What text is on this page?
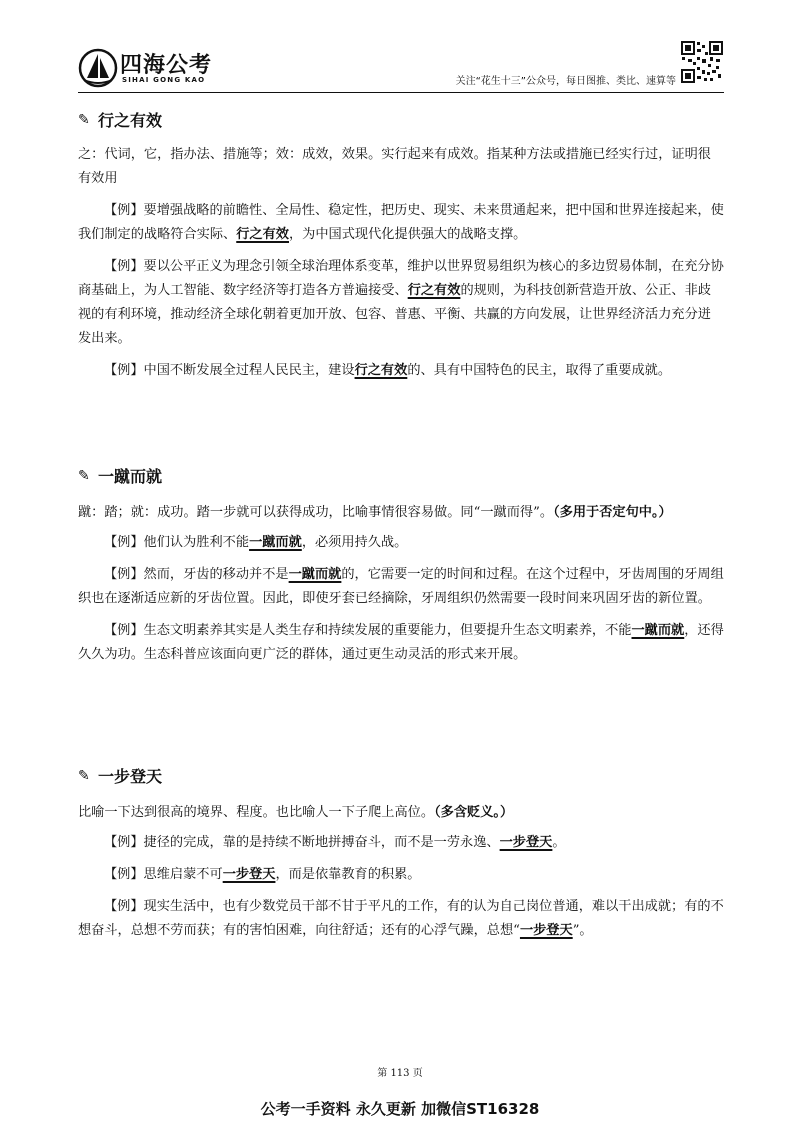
四海公考
SIHAI GONG KAO	关注“花生十三”公众号，每日图推、类比、速算等
✎ 行之有效

之：代词，它，指办法、措施等；效：成效，效果。实行起来有成效。指某种方法或措施已经实行过，证明很有效用

【例】要增强战略的前瞻性、全局性、稳定性，把历史、现实、未来贯通起来，把中国和世界连接起来，使我们制定的战略符合实际、行之有效，为中国式现代化提供强大的战略支撑。

【例】要以公平正义为理念引领全球治理体系变革，维护以世界贸易组织为核心的多边贸易体制，在充分协商基础上，为人工智能、数字经济等打造各方普遍接受、行之有效的规则，为科技创新营造开放、公正、非歧视的有利环境，推动经济全球化朝着更加开放、包容、普惠、平衡、共赢的方向发展，让世界经济活力充分迸发出来。

【例】中国不断发展全过程人民民主，建设行之有效的、具有中国特色的民主，取得了重要成就。

✎ 一蹴而就

蹴：踏；就：成功。踏一步就可以获得成功，比喻事情很容易做。同“一蹴而得”。（多用于否定句中。）

【例】他们认为胜利不能一蹴而就，必须用持久战。

【例】然而，牙齿的移动并不是一蹴而就的，它需要一定的时间和过程。在这个过程中，牙齿周围的牙周组织也在逐渐适应新的牙齿位置。因此，即使牙套已经摘除，牙周组织仍然需要一段时间来巩固牙齿的新位置。

【例】生态文明素养其实是人类生存和持续发展的重要能力，但要提升生态文明素养，不能一蹴而就，还得久久为功。生态科普应该面向更广泛的群体，通过更生动灵活的形式来开展。

✎ 一步登天

比喻一下达到很高的境界、程度。也比喻人一下子爬上高位。（多含贬义。）

【例】捷径的完成，靠的是持续不断地拼搏奋斗，而不是一劳永逸、一步登天。

【例】思维启蒙不可一步登天，而是依靠教育的积累。

【例】现实生活中，也有少数党员干部不甘于平凡的工作，有的认为自己岗位普通，难以干出成就；有的不想奋斗，总想不劳而获；有的害怕困难，向往舒适；还有的心浮气躁，总想“一步登天”。

第 113 页
公考一手资料 永久更新 加微信ST16328
